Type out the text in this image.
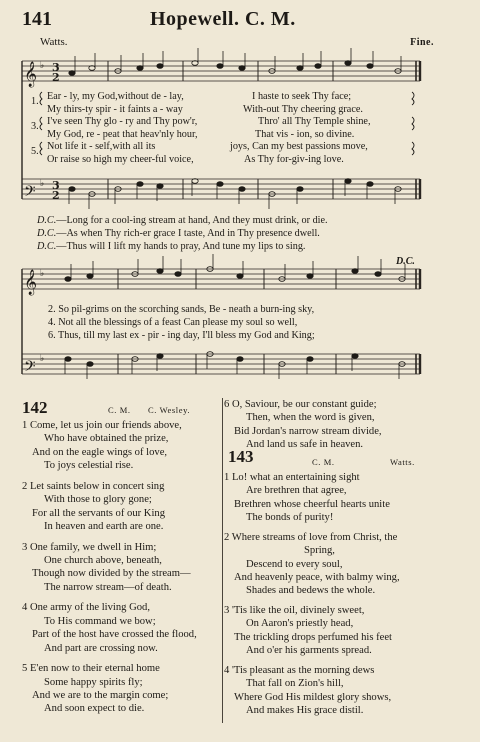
141	Hopewell. C. M.
Watts.	Fine.
𝄞
𝄢
𝄞
𝄢
♭
♭
♭
♭
3
2
3
2
1. Ear - ly, my God,without de - lay,	I haste to seek Thy face;
My thirs-ty spir - it faints a - way	With-out Thy cheering grace.
3. I've seen Thy glo - ry and Thy pow'r,	Thro' all Thy Temple shine,
My God, re - peat that heav'nly hour,	That vis - ion, so divine.
5. Not life it - self,with all its	joys, Can my best passions move,
Or raise so high my cheer-ful voice,	As Thy for-giv-ing love.
D.C.—Long for a cool-ing stream at hand, And they must drink, or die.
D.C.—As when Thy rich-er grace I taste, And in Thy presence dwell.
D.C.—Thus will I lift my hands to pray, And tune my lips to sing.
D.C.
2. So pil-grims on the scorching sands, Be - neath a burn-ing sky,
4. Not all the blessings of a feast Can please my soul so well,
6. Thus, till my last ex - pir - ing day, I'll bless my God and King;
142	C. M. C. Wesley.
1 Come, let us join our friends above,
Who have obtained the prize,
And on the eagle wings of love,
To joys celestial rise.
2 Let saints below in concert sing
With those to glory gone;
For all the servants of our King
In heaven and earth are one.
3 One family, we dwell in Him;
One church above, beneath,
Though now divided by the stream—
The narrow stream—of death.
4 One army of the living God,
To His command we bow;
Part of the host have crossed the flood,
And part are crossing now.
5 E'en now to their eternal home
Some happy spirits fly;
And we are to the margin come;
And soon expect to die.
6 O, Saviour, be our constant guide;
Then, when the word is given,
Bid Jordan's narrow stream divide,
And land us safe in heaven.
143	C. M.	Watts.
1 Lo! what an entertaining sight
Are brethren that agree,
Brethren whose cheerful hearts unite
The bonds of purity!
2 Where streams of love from Christ, the
Spring,
Descend to every soul,
And heavenly peace, with balmy wing,
Shades and bedews the whole.
3 'Tis like the oil, divinely sweet,
On Aaron's priestly head,
The trickling drops perfumed his feet
And o'er his garments spread.
4 'Tis pleasant as the morning dews
That fall on Zion's hill,
Where God His mildest glory shows,
And makes His grace distil.
